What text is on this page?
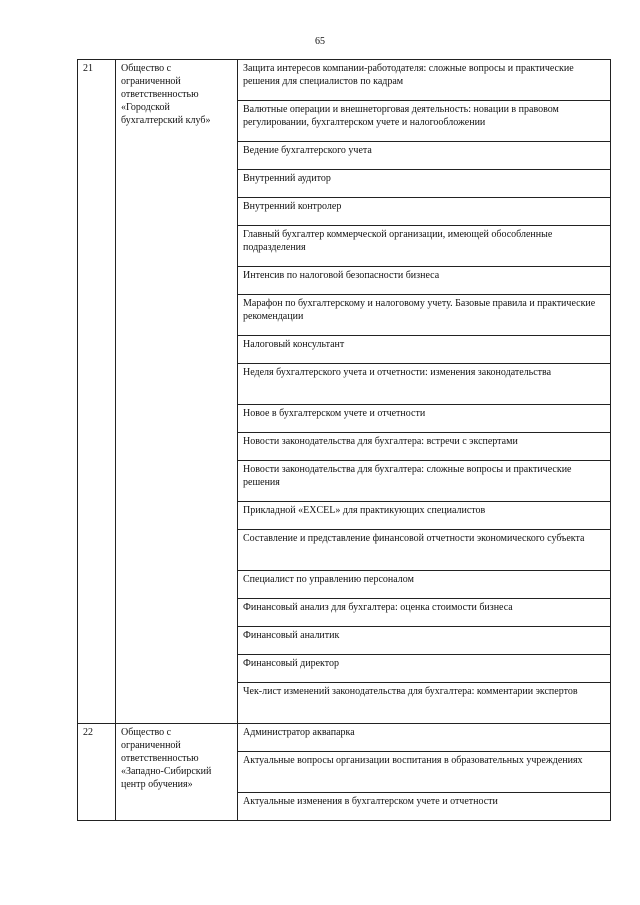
65
21	Общество с ограниченной ответственностью «Городской бухгалтерский клуб»	Защита интересов компании-работодателя: сложные вопросы и практические решения для специалистов по кадрам
		Валютные операции и внешнеторговая деятельность: новации в правовом регулировании, бухгалтерском учете и налогообложении
		Ведение бухгалтерского учета
		Внутренний аудитор
		Внутренний контролер
		Главный бухгалтер коммерческой организации, имеющей обособленные подразделения
		Интенсив по налоговой безопасности бизнеса
		Марафон по бухгалтерскому и налоговому учету. Базовые правила и практические рекомендации
		Налоговый консультант
		Неделя бухгалтерского учета и отчетности: изменения законодательства
		Новое в бухгалтерском учете и отчетности
		Новости законодательства для бухгалтера: встречи с экспертами
		Новости законодательства для бухгалтера: сложные вопросы и практические решения
		Прикладной «EXCEL» для практикующих специалистов
		Составление и представление финансовой отчетности экономического субъекта
		Специалист по управлению персоналом
		Финансовый анализ для бухгалтера: оценка стоимости бизнеса
		Финансовый аналитик
		Финансовый директор
		Чек-лист изменений законодательства для бухгалтера: комментарии экспертов
22	Общество с ограниченной ответственностью «Западно-Сибирский центр обучения»	Администратор аквапарка
		Актуальные вопросы организации воспитания в образовательных учреждениях
		Актуальные изменения в бухгалтерском учете и отчетности
